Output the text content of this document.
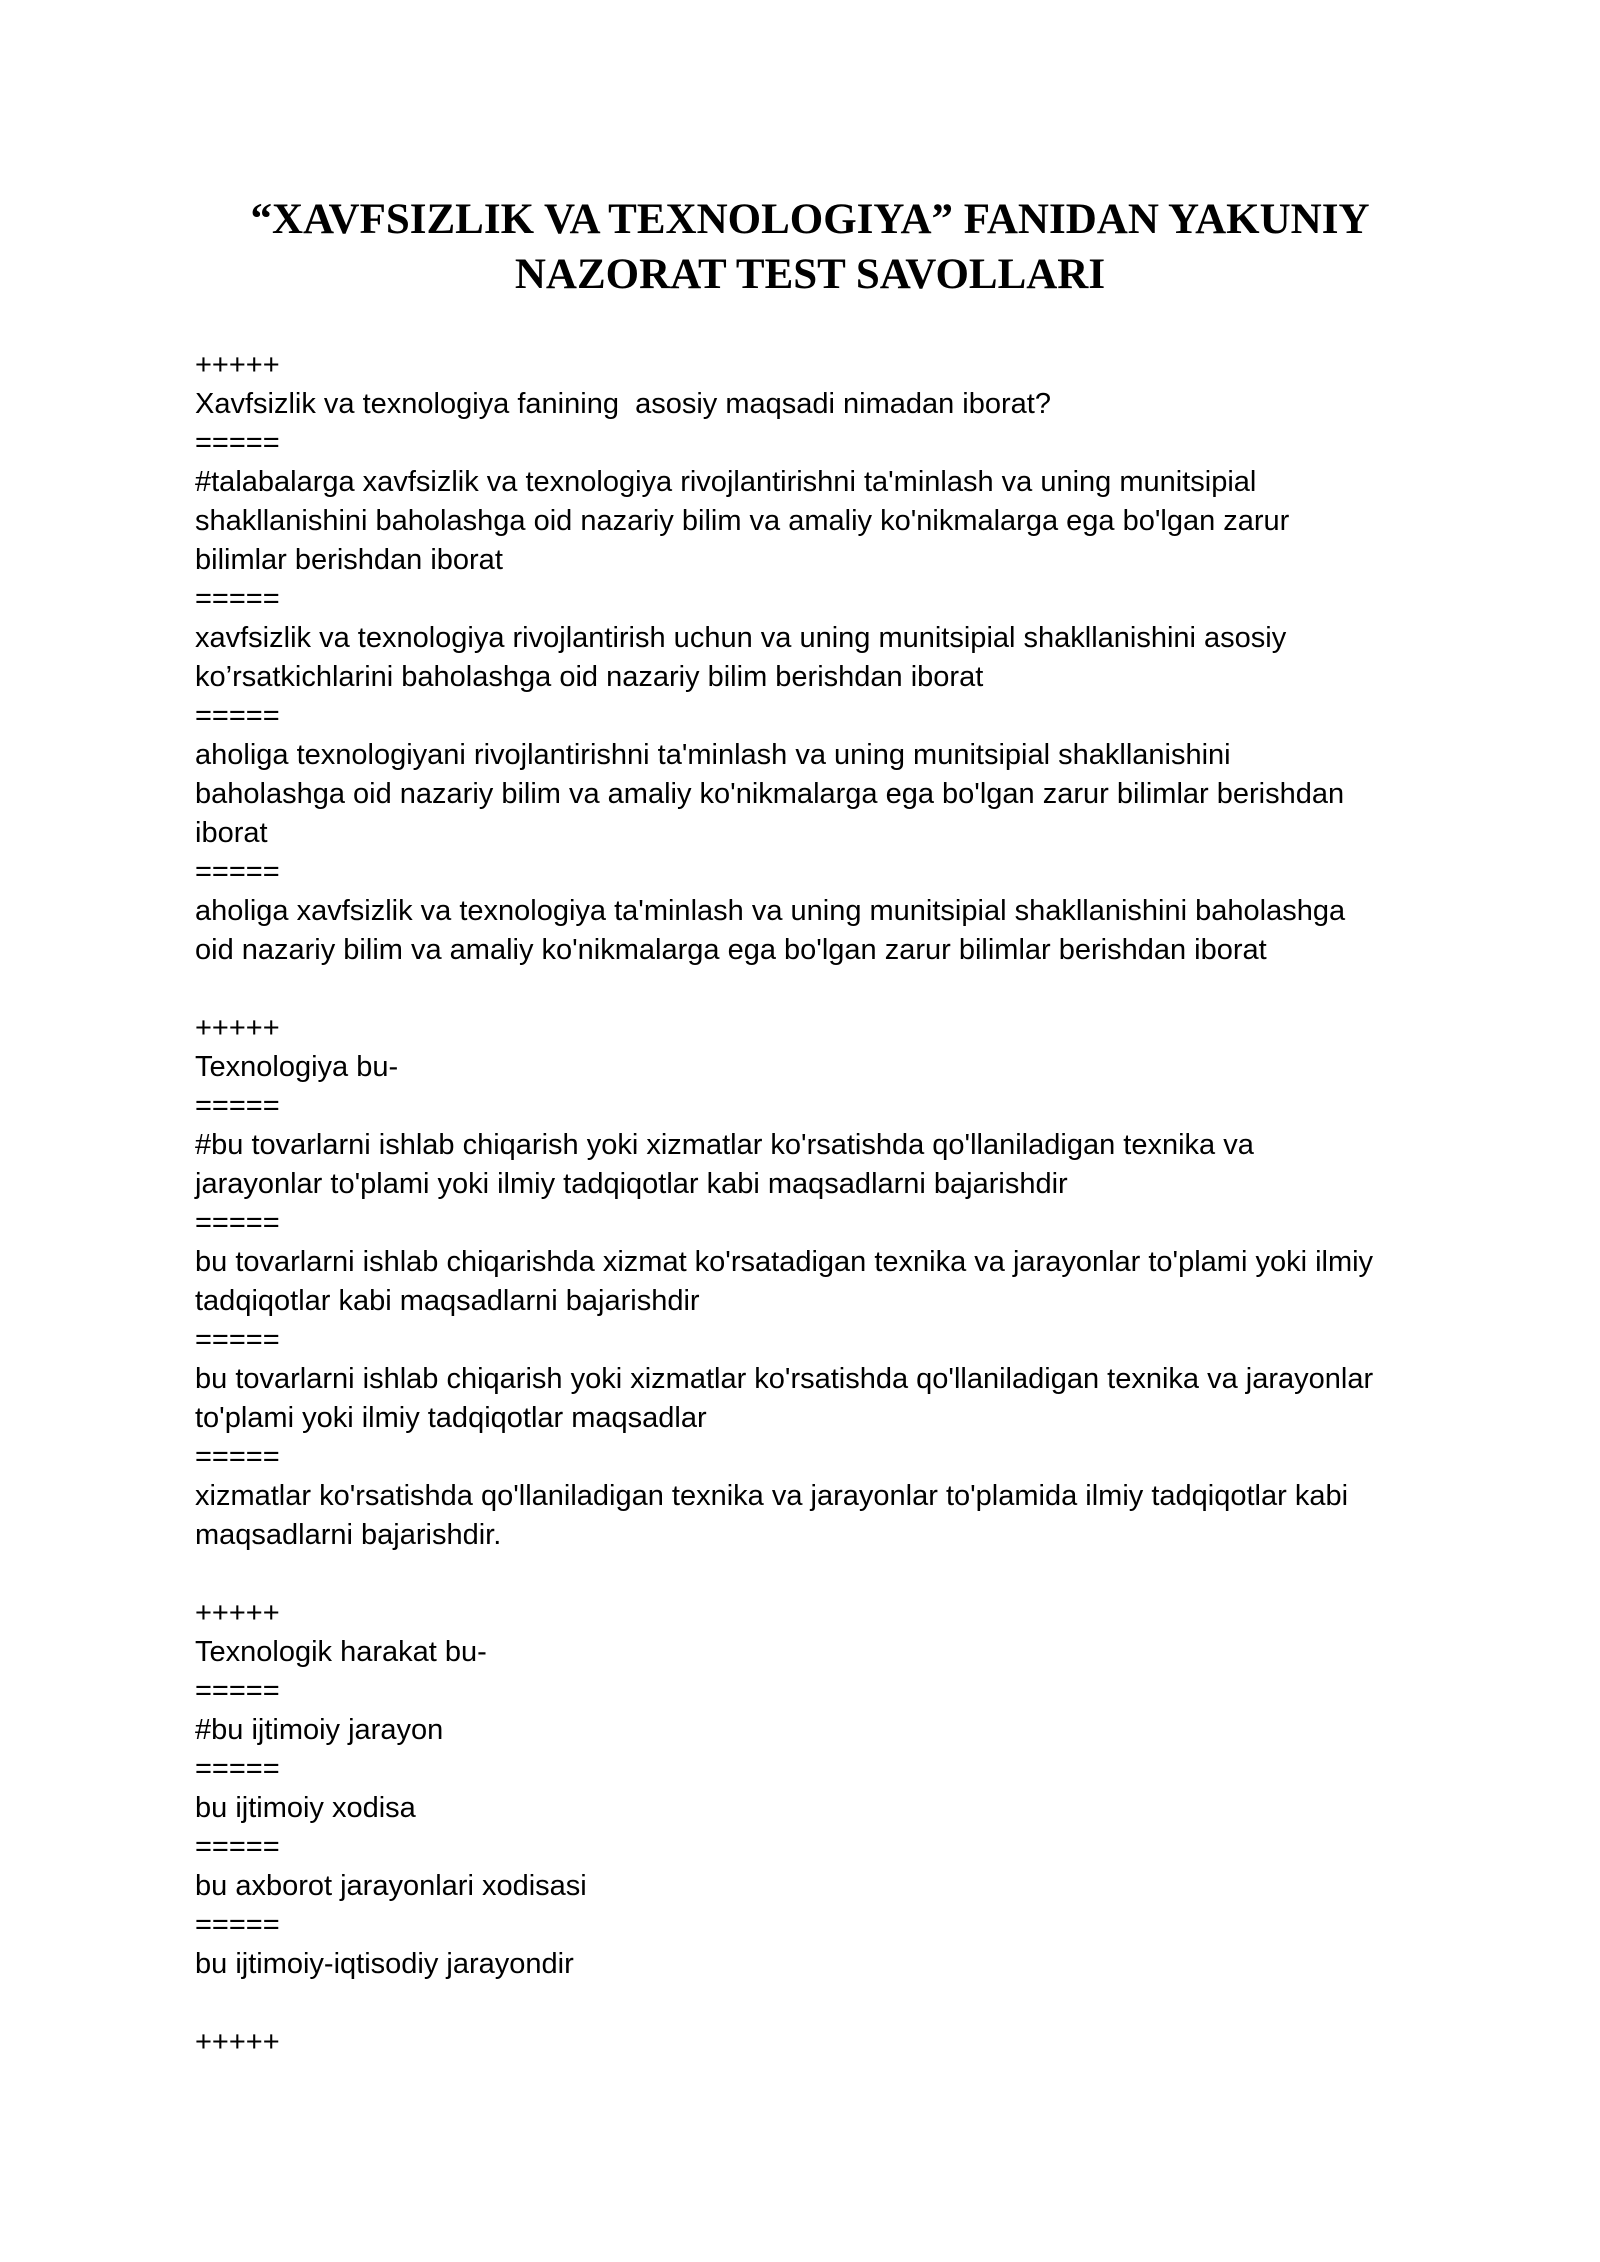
“XAVFSIZLIK VA TEXNOLOGIYA” FANIDAN YAKUNIY
NAZORAT TEST SAVOLLARI
+++++
Xavfsizlik va texnologiya fanining  asosiy maqsadi nimadan iborat?
=====
#talabalarga xavfsizlik va texnologiya rivojlantirishni ta'minlash va uning munitsipial
shakllanishini baholashga oid nazariy bilim va amaliy ko'nikmalarga ega bo'lgan zarur
bilimlar berishdan iborat
=====
xavfsizlik va texnologiya rivojlantirish uchun va uning munitsipial shakllanishini asosiy
ko’rsatkichlarini baholashga oid nazariy bilim berishdan iborat
=====
aholiga texnologiyani rivojlantirishni ta'minlash va uning munitsipial shakllanishini
baholashga oid nazariy bilim va amaliy ko'nikmalarga ega bo'lgan zarur bilimlar berishdan
iborat
=====
aholiga xavfsizlik va texnologiya ta'minlash va uning munitsipial shakllanishini baholashga
oid nazariy bilim va amaliy ko'nikmalarga ega bo'lgan zarur bilimlar berishdan iborat
+++++
Texnologiya bu-
=====
#bu tovarlarni ishlab chiqarish yoki xizmatlar ko'rsatishda qo'llaniladigan texnika va
jarayonlar to'plami yoki ilmiy tadqiqotlar kabi maqsadlarni bajarishdir
=====
bu tovarlarni ishlab chiqarishda xizmat ko'rsatadigan texnika va jarayonlar to'plami yoki ilmiy
tadqiqotlar kabi maqsadlarni bajarishdir
=====
bu tovarlarni ishlab chiqarish yoki xizmatlar ko'rsatishda qo'llaniladigan texnika va jarayonlar
to'plami yoki ilmiy tadqiqotlar maqsadlar
=====
xizmatlar ko'rsatishda qo'llaniladigan texnika va jarayonlar to'plamida ilmiy tadqiqotlar kabi
maqsadlarni bajarishdir.
+++++
Texnologik harakat bu-
=====
#bu ijtimoiy jarayon
=====
bu ijtimoiy xodisa
=====
bu axborot jarayonlari xodisasi
=====
bu ijtimoiy-iqtisodiy jarayondir
+++++
